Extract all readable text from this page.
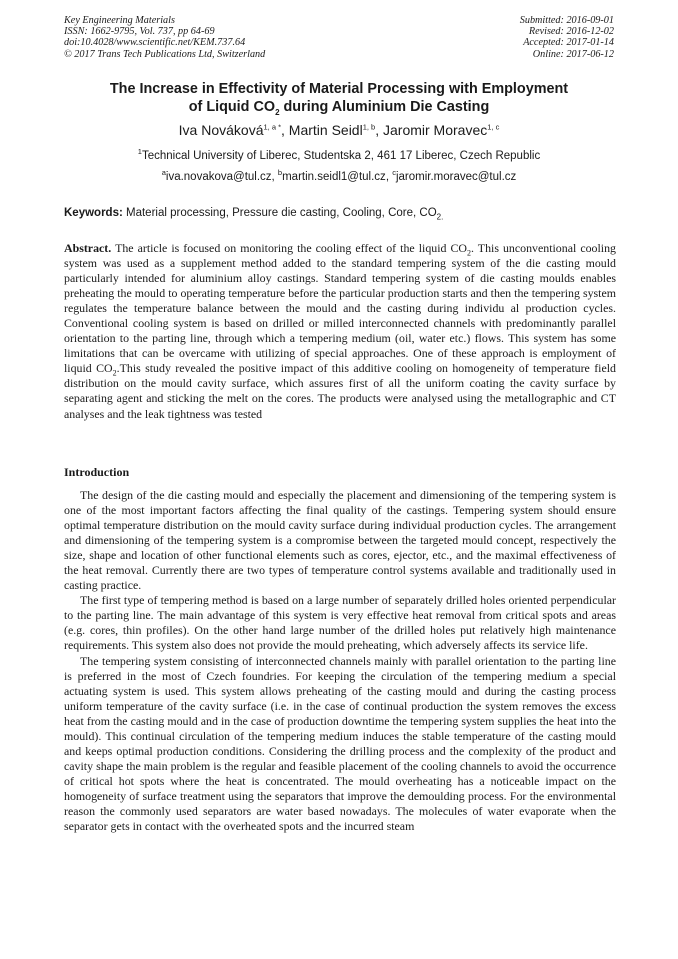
Key Engineering Materials
ISSN: 1662-9795, Vol. 737, pp 64-69
doi:10.4028/www.scientific.net/KEM.737.64
© 2017 Trans Tech Publications Ltd, Switzerland
Submitted: 2016-09-01
Revised: 2016-12-02
Accepted: 2017-01-14
Online: 2017-06-12
The Increase in Effectivity of Material Processing with Employment
of Liquid $CO_2$ during Aluminium Die Casting
Iva Nováková$^{1, a *}$, Martin Seidl$^{1, b}$, Jaromir Moravec$^{1, c}$
$^1$Technical University of Liberec, Studentska 2, 461 17 Liberec, Czech Republic
$^a$iva.novakova@tul.cz, $^b$martin.seidl1@tul.cz, $^c$jaromir.moravec@tul.cz
Keywords: Material processing, Pressure die casting, Cooling, Core, $CO_{2.}$
Abstract. The article is focused on monitoring the cooling effect of the liquid $CO_2$. This unconventional cooling system was used as a supplement method added to the standard tempering system of the die casting mould particularly intended for aluminium alloy castings. Standard tempering system of die casting moulds enables preheating the mould to operating temperature before the particular production starts and then the tempering system regulates the temperature balance between the mould and the casting during individu al production cycles. Conventional cooling system is based on drilled or milled interconnected channels with predominantly parallel orientation to the parting line, through which a tempering medium (oil, water etc.) flows. This system has some limitations that can be overcame with utilizing of special approaches. One of these approach is employment of liquid $CO_2.This$ study revealed the positive impact of this additive cooling on homogeneity of temperature field distribution on the mould cavity surface, which assures first of all the uniform coating the cavity surface by separating agent and sticking the melt on the cores. The products were analysed using the metallographic and CT analyses and the leak tightness was tested
Introduction

The design of the die casting mould and especially the placement and dimensioning of the tempering system is one of the most important factors affecting the final quality of the castings. Tempering system should ensure optimal temperature distribution on the mould cavity surface during individual production cycles. The arrangement and dimensioning of the tempering system is a compromise between the targeted mould concept, respectively the size, shape and location of other functional elements such as cores, ejector, etc., and the maximal effectiveness of the heat removal. Currently there are two types of temperature control systems available and traditionally used in casting practice.

The first type of tempering method is based on a large number of separately drilled holes oriented perpendicular to the parting line. The main advantage of this system is very effective heat removal from critical spots and areas (e.g. cores, thin profiles). On the other hand large number of the drilled holes put relatively high maintenance requirements. This system also does not provide the mould preheating, which adversely affects its service life.

The tempering system consisting of interconnected channels mainly with parallel orientation to the parting line is preferred in the most of Czech foundries. For keeping the circulation of the tempering medium a special actuating system is used. This system allows preheating of the casting mould and during the casting process uniform temperature of the cavity surface (i.e. in the case of continual production the system removes the excess heat from the casting mould and in the case of production downtime the tempering system supplies the heat into the mould). This continual circulation of the tempering medium induces the stable temperature of the casting mould and keeps optimal production conditions. Considering the drilling process and the complexity of the product and cavity shape the main problem is the regular and feasible placement of the cooling channels to avoid the occurrence of critical hot spots where the heat is concentrated. The mould overheating has a noticeable impact on the homogeneity of surface treatment using the separators that improve the demoulding process. For the environmental reason the commonly used separators are water based nowadays. The molecules of water evaporate when the separator gets in contact with the overheated spots and the incurred steam
